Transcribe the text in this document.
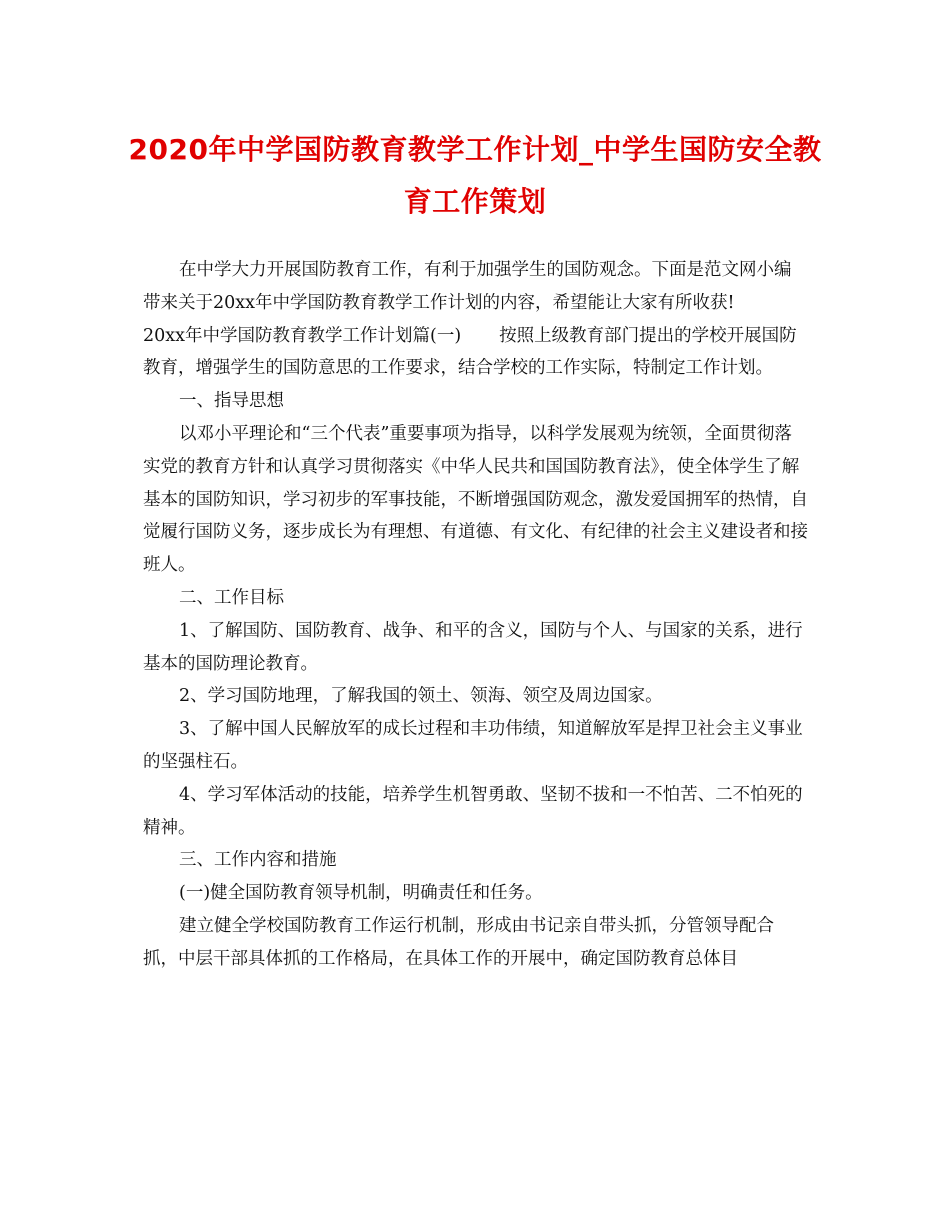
2020年中学国防教育教学工作计划_中学生国防安全教育工作策划

在中学大力开展国防教育工作，有利于加强学生的国防观念。下面是范文网小编带来关于20xx年中学国防教育教学工作计划的内容，希望能让大家有所收获!

20xx年中学国防教育教学工作计划篇(一) 按照上级教育部门提出的学校开展国防教育，增强学生的国防意思的工作要求，结合学校的工作实际，特制定工作计划。

一、指导思想

以邓小平理论和“三个代表”重要事项为指导，以科学发展观为统领，全面贯彻落实党的教育方针和认真学习贯彻落实《中华人民共和国国防教育法》，使全体学生了解基本的国防知识，学习初步的军事技能，不断增强国防观念，激发爱国拥军的热情，自觉履行国防义务，逐步成长为有理想、有道德、有文化、有纪律的社会主义建设者和接班人。

二、工作目标

1、了解国防、国防教育、战争、和平的含义，国防与个人、与国家的关系，进行基本的国防理论教育。

2、学习国防地理，了解我国的领土、领海、领空及周边国家。

3、了解中国人民解放军的成长过程和丰功伟绩，知道解放军是捍卫社会主义事业的坚强柱石。

4、学习军体活动的技能，培养学生机智勇敢、坚韧不拔和一不怕苦、二不怕死的精神。

三、工作内容和措施

(一)健全国防教育领导机制，明确责任和任务。

建立健全学校国防教育工作运行机制，形成由书记亲自带头抓，分管领导配合抓，中层干部具体抓的工作格局，在具体工作的开展中，确定国防教育总体目
